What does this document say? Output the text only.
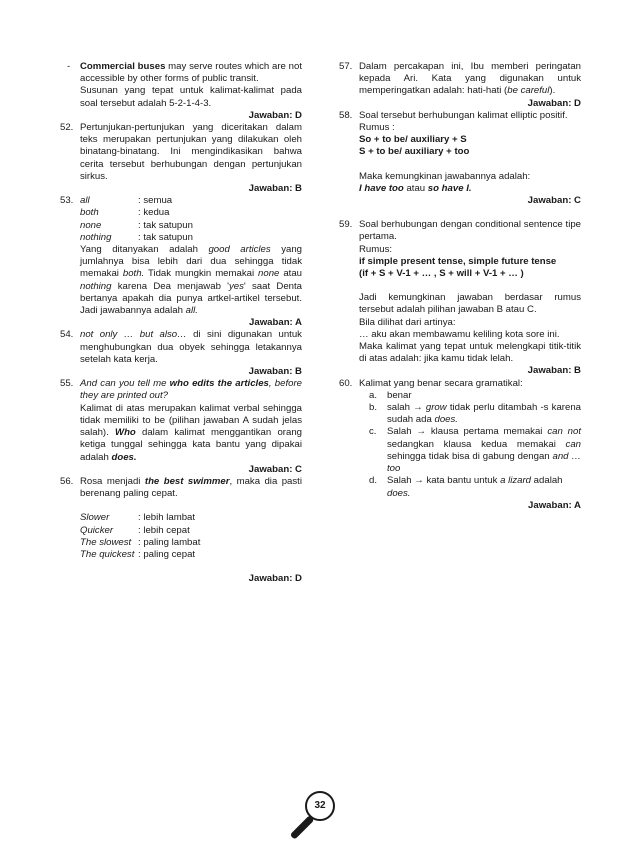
- Commercial buses may serve routes which are not accessible by other forms of public transit.

Susunan yang tepat untuk kalimat-kalimat pada soal tersebut adalah 5-2-1-4-3.

Jawaban: D

52. Pertunjukan-pertunjukan yang diceritakan dalam teks merupakan pertunjukan yang dilakukan oleh binatang-binatang. Ini mengindikasikan bahwa cerita tersebut berhubungan dengan pertunjukan sirkus.

Jawaban: B

53. all	: semua
both	: kedua
none	: tak satupun
nothing	: tak satupun

Yang ditanyakan adalah good articles yang jumlahnya bisa lebih dari dua sehingga tidak memakai both. Tidak mungkin memakai none atau nothing karena Dea menjawab 'yes' saat Denta bertanya apakah dia punya artkel-artikel tersebut. Jadi jawabannya adalah all.

Jawaban: A

54. not only … but also… di sini digunakan untuk menghubungkan dua obyek sehingga letakannya setelah kata kerja.

Jawaban: B

55. And can you tell me who edits the articles, before they are printed out?

Kalimat di atas merupakan kalimat verbal sehingga tidak memiliki to be (pilihan jawaban A sudah jelas salah). Who dalam kalimat menggantikan orang ketiga tunggal sehingga kata bantu yang dipakai adalah does.

Jawaban: C

56. Rosa menjadi the best swimmer, maka dia pasti berenang paling cepat.

Slower	: lebih lambat
Quicker	: lebih cepat
The slowest : paling lambat
The quickest : paling cepat

Jawaban: D

57. Dalam percakapan ini, Ibu memberi peringatan kepada Ari. Kata yang digunakan untuk memperingatkan adalah: hati-hati (be careful).

Jawaban: D

58. Soal tersebut berhubungan kalimat elliptic positif.

Rumus :

So + to be/ auxiliary + S

S + to be/ auxiliary + too

Maka kemungkinan jawabannya adalah:

I have too atau so have I.

Jawaban: C

59. Soal berhubungan dengan conditional sentence tipe pertama.

Rumus:

if simple present tense, simple future tense

(if + S + V-1 + … , S + will + V-1 + … )

Jadi kemungkinan jawaban berdasar rumus tersebut adalah pilihan jawaban B atau C.

Bila dilihat dari artinya:

… aku akan membawamu keliling kota sore ini.

Maka kalimat yang tepat untuk melengkapi titik-titik di atas adalah: jika kamu tidak lelah.

Jawaban: B

60. Kalimat yang benar secara gramatikal:

a. benar
b. salah → grow tidak perlu ditambah -s karena sudah ada does.
c. Salah → klausa pertama memakai can not sedangkan klausa kedua memakai can sehingga tidak bisa di gabung dengan and … too
d. Salah → kata bantu untuk a lizard adalah does.

Jawaban: A

32
